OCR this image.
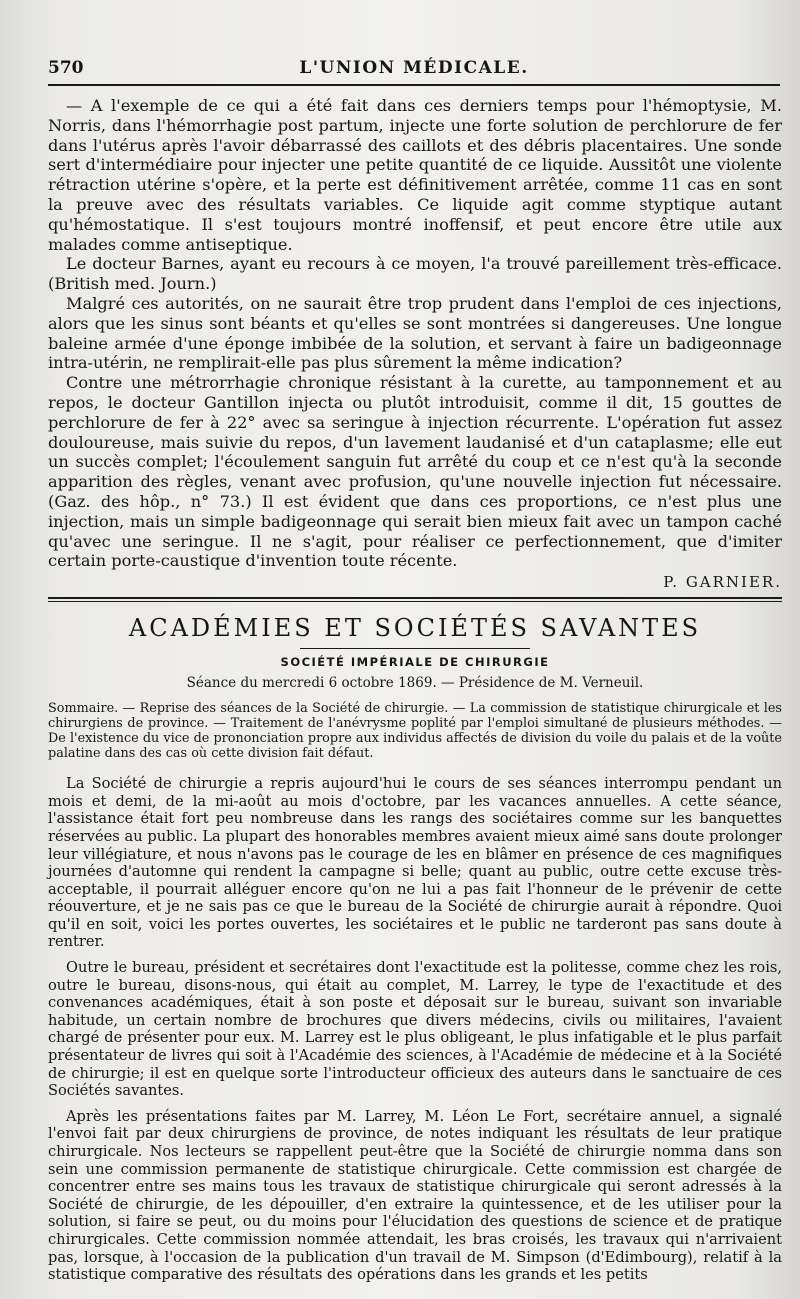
570	L'UNION MÉDICALE.

— A l'exemple de ce qui a été fait dans ces derniers temps pour l'hémoptysie, M. Norris, dans l'hémorrhagie post partum, injecte une forte solution de perchlorure de fer dans l'utérus après l'avoir débarrassé des caillots et des débris placentaires. Une sonde sert d'intermédiaire pour injecter une petite quantité de ce liquide. Aussitôt une violente rétraction utérine s'opère, et la perte est définitivement arrêtée, comme 11 cas en sont la preuve avec des résultats variables. Ce liquide agit comme styptique autant qu'hémostatique. Il s'est toujours montré inoffensif, et peut encore être utile aux malades comme antiseptique.

Le docteur Barnes, ayant eu recours à ce moyen, l'a trouvé pareillement très-efficace. (British med. Journ.)

Malgré ces autorités, on ne saurait être trop prudent dans l'emploi de ces injections, alors que les sinus sont béants et qu'elles se sont montrées si dangereuses. Une longue baleine armée d'une éponge imbibée de la solution, et servant à faire un badigeonnage intra-utérin, ne remplirait-elle pas plus sûrement la même indication?

Contre une métrorrhagie chronique résistant à la curette, au tamponnement et au repos, le docteur Gantillon injecta ou plutôt introduisit, comme il dit, 15 gouttes de perchlorure de fer à 22° avec sa seringue à injection récurrente. L'opération fut assez douloureuse, mais suivie du repos, d'un lavement laudanisé et d'un cataplasme; elle eut un succès complet; l'écoulement sanguin fut arrêté du coup et ce n'est qu'à la seconde apparition des règles, venant avec profusion, qu'une nouvelle injection fut nécessaire. (Gaz. des hôp., n° 73.) Il est évident que dans ces proportions, ce n'est plus une injection, mais un simple badigeonnage qui serait bien mieux fait avec un tampon caché qu'avec une seringue. Il ne s'agit, pour réaliser ce perfectionnement, que d'imiter certain porte-caustique d'invention toute récente.

P. GARNIER.
ACADÉMIES ET SOCIÉTÉS SAVANTES
SOCIÉTÉ IMPÉRIALE DE CHIRURGIE
Séance du mercredi 6 octobre 1869. — Présidence de M. Verneuil.
Sommaire. — Reprise des séances de la Société de chirurgie. — La commission de statistique chirurgicale et les chirurgiens de province. — Traitement de l'anévrysme poplité par l'emploi simultané de plusieurs méthodes. — De l'existence du vice de prononciation propre aux individus affectés de division du voile du palais et de la voûte palatine dans des cas où cette division fait défaut.

La Société de chirurgie a repris aujourd'hui le cours de ses séances interrompu pendant un mois et demi, de la mi-août au mois d'octobre, par les vacances annuelles. A cette séance, l'assistance était fort peu nombreuse dans les rangs des sociétaires comme sur les banquettes réservées au public. La plupart des honorables membres avaient mieux aimé sans doute prolonger leur villégiature, et nous n'avons pas le courage de les en blâmer en présence de ces magnifiques journées d'automne qui rendent la campagne si belle; quant au public, outre cette excuse très-acceptable, il pourrait alléguer encore qu'on ne lui a pas fait l'honneur de le prévenir de cette réouverture, et je ne sais pas ce que le bureau de la Société de chirurgie aurait à répondre. Quoi qu'il en soit, voici les portes ouvertes, les sociétaires et le public ne tarderont pas sans doute à rentrer.

Outre le bureau, président et secrétaires dont l'exactitude est la politesse, comme chez les rois, outre le bureau, disons-nous, qui était au complet, M. Larrey, le type de l'exactitude et des convenances académiques, était à son poste et déposait sur le bureau, suivant son invariable habitude, un certain nombre de brochures que divers médecins, civils ou militaires, l'avaient chargé de présenter pour eux. M. Larrey est le plus obligeant, le plus infatigable et le plus parfait présentateur de livres qui soit à l'Académie des sciences, à l'Académie de médecine et à la Société de chirurgie; il est en quelque sorte l'introducteur officieux des auteurs dans le sanctuaire de ces Sociétés savantes.

Après les présentations faites par M. Larrey, M. Léon Le Fort, secrétaire annuel, a signalé l'envoi fait par deux chirurgiens de province, de notes indiquant les résultats de leur pratique chirurgicale. Nos lecteurs se rappellent peut-être que la Société de chirurgie nomma dans son sein une commission permanente de statistique chirurgicale. Cette commission est chargée de concentrer entre ses mains tous les travaux de statistique chirurgicale qui seront adressés à la Société de chirurgie, de les dépouiller, d'en extraire la quintessence, et de les utiliser pour la solution, si faire se peut, ou du moins pour l'élucidation des questions de science et de pratique chirurgicales. Cette commission nommée attendait, les bras croisés, les travaux qui n'arrivaient pas, lorsque, à l'occasion de la publication d'un travail de M. Simpson (d'Edimbourg), relatif à la statistique comparative des résultats des opérations dans les grands et les petits
